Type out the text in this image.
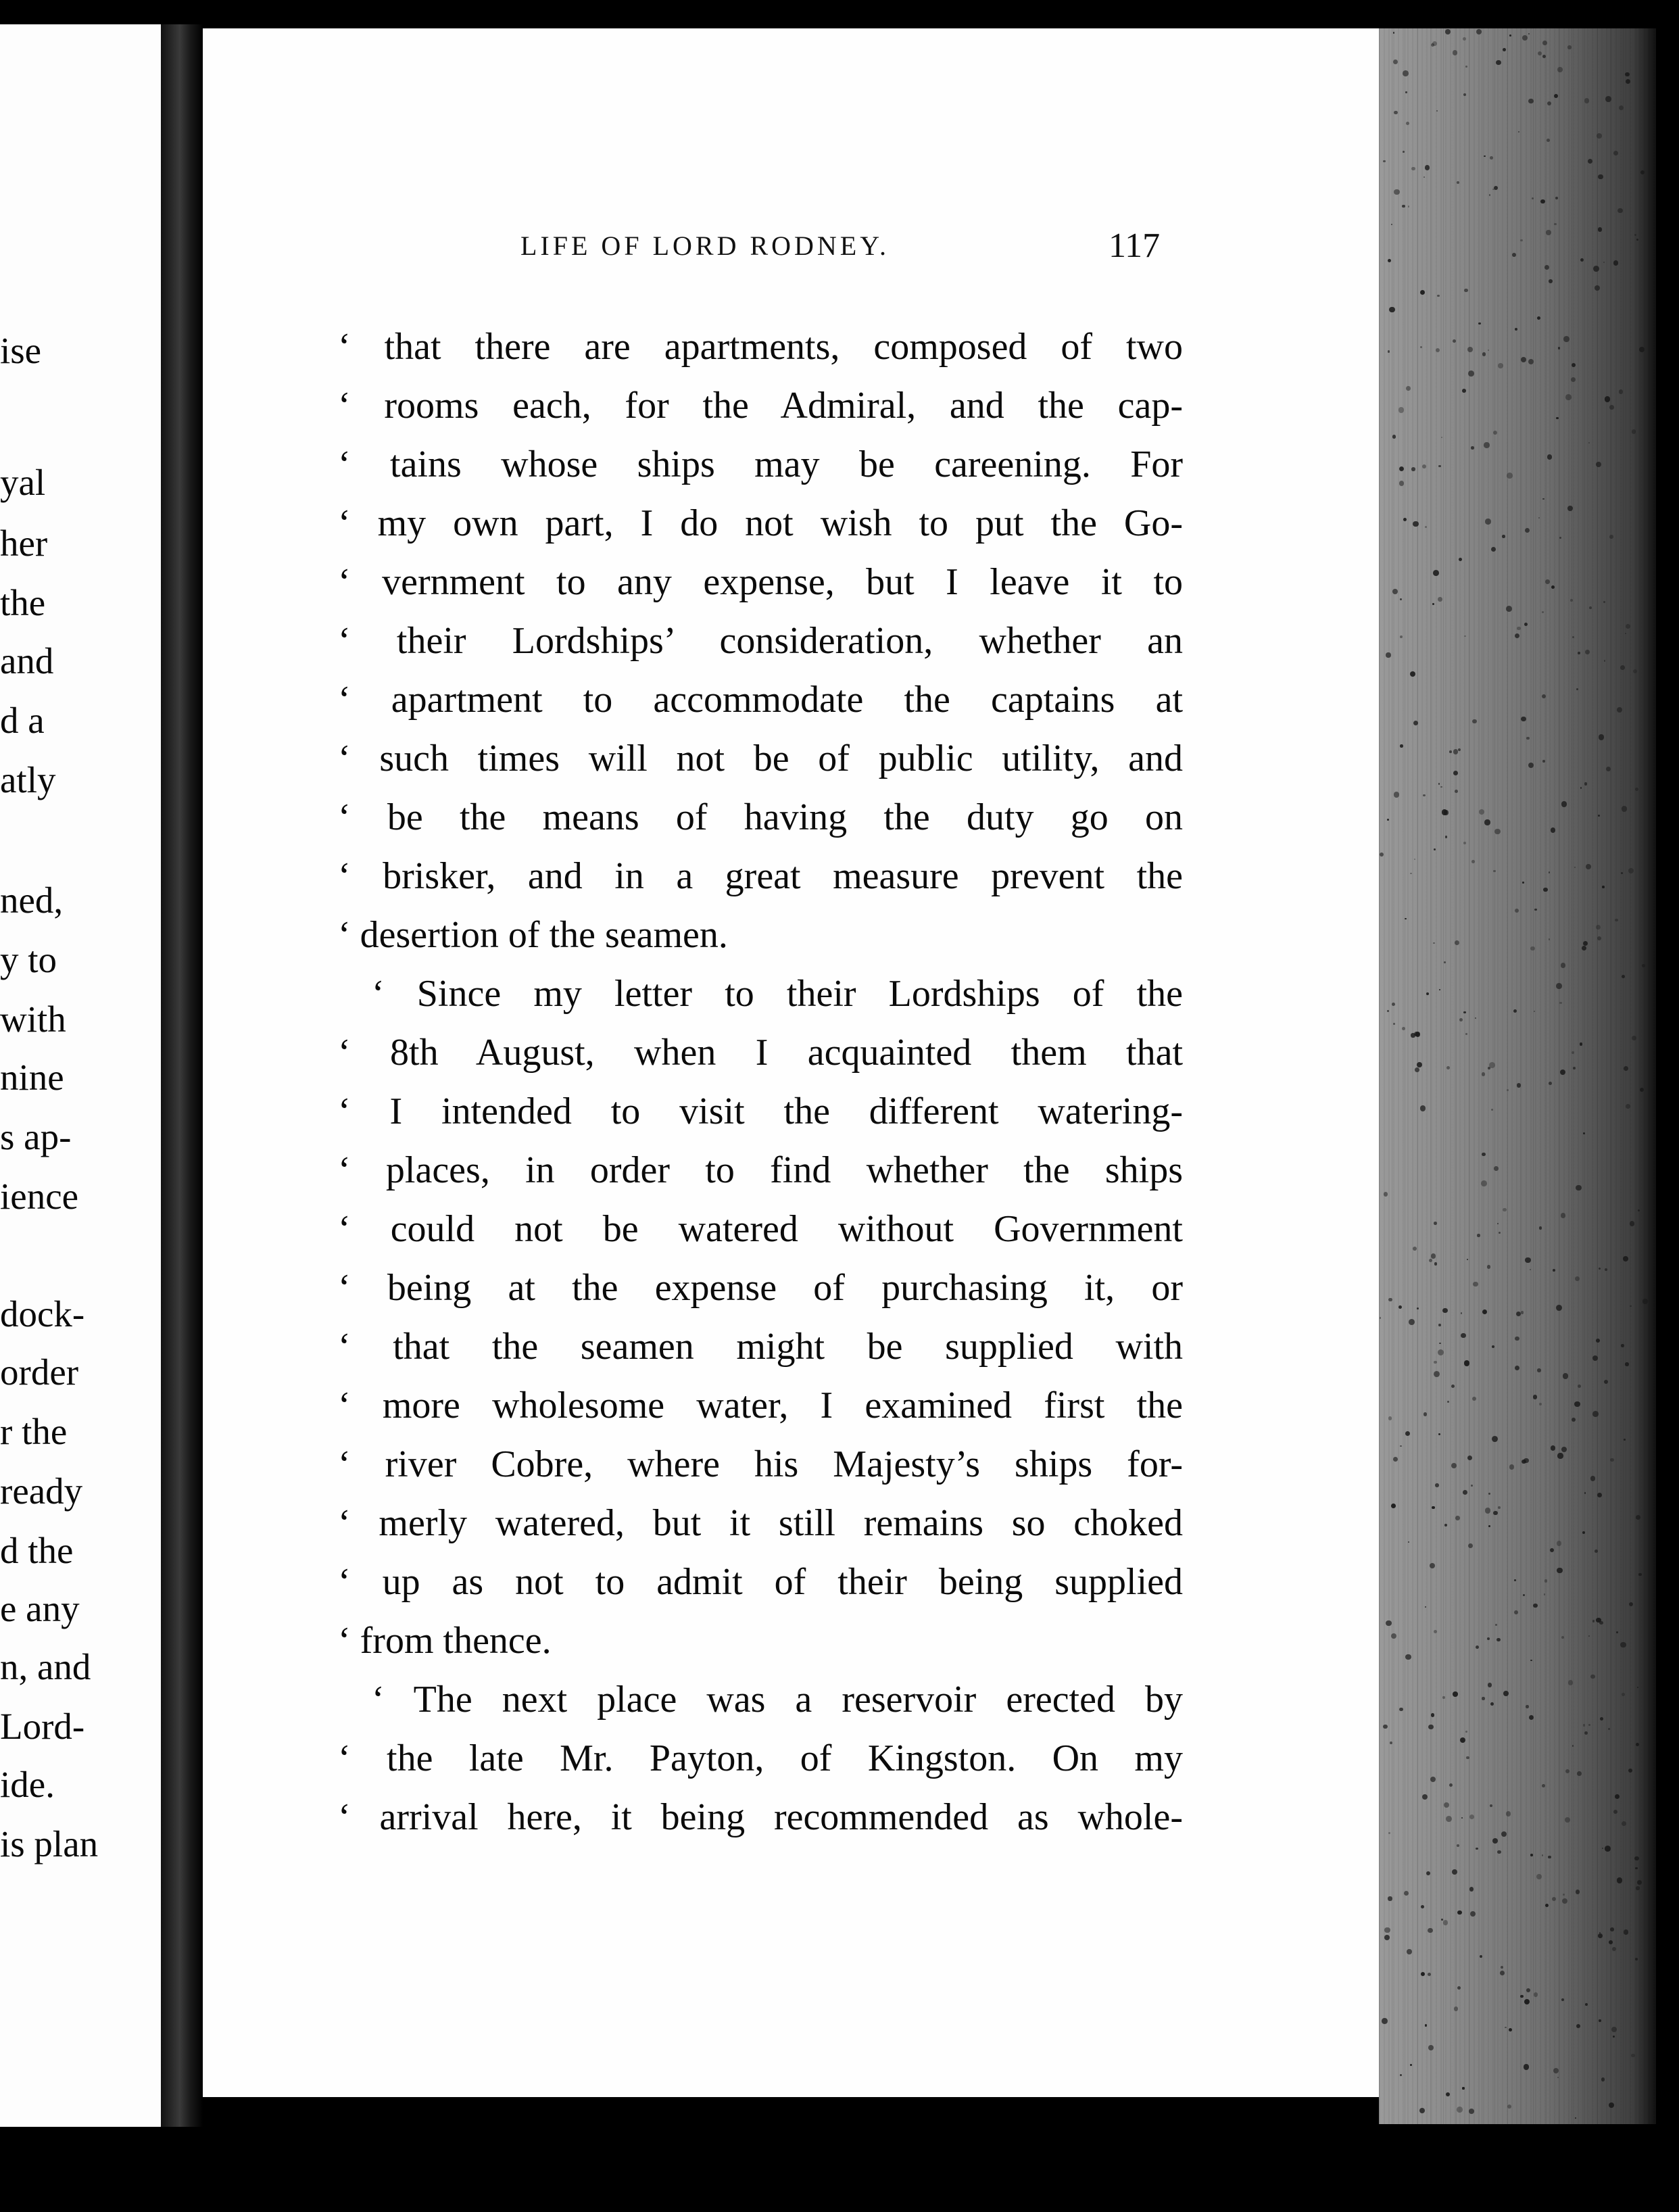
ise
yal
her
the
and
d a
atly
ned,
y to
with
nine
s ap-
ience
dock-
order
r the
ready
d the
e any
n, and
Lord-
ide.
is plan
LIFE OF LORD RODNEY.	117
‘ that there are apartments, composed of two
‘ rooms each, for the Admiral, and the cap-
‘ tains whose ships may be careening. For
‘ my own part, I do not wish to put the Go-
‘ vernment to any expense, but I leave it to
‘ their Lordships’ consideration, whether an
‘ apartment to accommodate the captains at
‘ such times will not be of public utility, and
‘ be the means of having the duty go on
‘ brisker, and in a great measure prevent the
‘ desertion of the seamen.
‘ Since my letter to their Lordships of the
‘ 8th August, when I acquainted them that
‘ I intended to visit the different watering-
‘ places, in order to find whether the ships
‘ could not be watered without Government
‘ being at the expense of purchasing it, or
‘ that the seamen might be supplied with
‘ more wholesome water, I examined first the
‘ river Cobre, where his Majesty’s ships for-
‘ merly watered, but it still remains so choked
‘ up as not to admit of their being supplied
‘ from thence.
‘ The next place was a reservoir erected by
‘ the late Mr. Payton, of Kingston. On my
‘ arrival here, it being recommended as whole-
